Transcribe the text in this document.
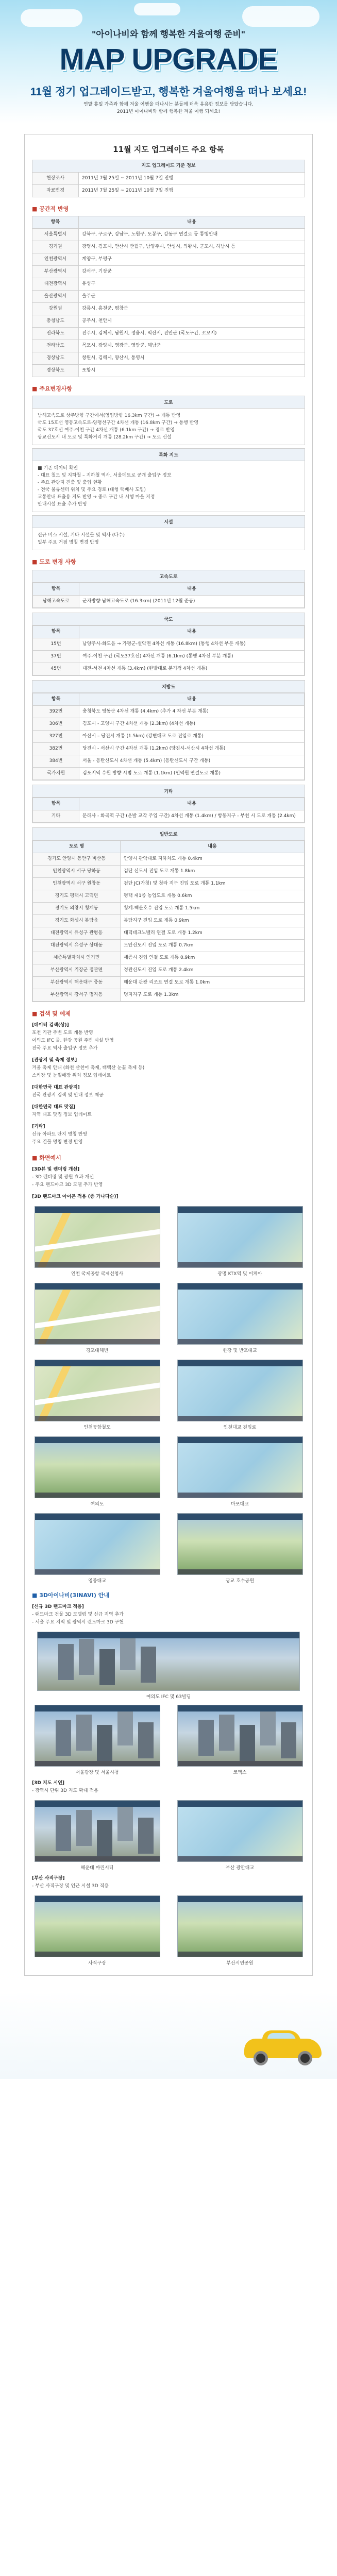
"아이나비와 함께 행복한 겨울여행 준비"
MAP UPGRADE
11월 정기 업그레이드받고, 행복한 겨울여행을 떠나 보세요!
연말 휴일 가족과 함께 겨울 여행을 떠나시는 분들께 더욱 유용한 정보를 담았습니다.
2011년 아이나비와 함께 행복한 겨울 여행 되세요!
11월 지도 업그레이드 주요 항목
지도 업그레이드 기준 정보	
현장조사	2011년 7월 25일 ~ 2011년 10월 7일 진행
자료변경	2011년 7월 25일 ~ 2011년 10월 7일 진행
■ 공간적 반영
항목	내용
서울특별시	강북구, 구로구, 강남구, 노원구, 도봉구, 강동구 연결로 등 통행안내
경기권	광명시, 김포시, 안산시 반월구, 남양주시, 안성시, 의왕시, 군포시, 하남시 등
인천광역시	계양구, 부평구
부산광역시	강서구, 기장군
대전광역시	유성구
울산광역시	울주군
강원권	강릉시, 홍천군, 평창군
충청남도	공주시, 천안시
전라북도	전주시, 김제시, 남원시, 정읍시, 익산시, 진안군 (국도구간, 꼬꼬지)
전라남도	목포시, 광양시, 영광군, 영암군, 해남군
경상남도	창원시, 김해시, 양산시, 통영시
경상북도	포항시
■ 주요변경사항
도로
남해고속도로 상주방향 구간에서(영업방향 16.3km 구간) → 개통 반영
국도 15호선 영동고속도로-양평선구간 4차선 개통 (16.8km 구간) → 통행 반영
국도 37호선 여주-이천 구간 4차선 개통 (6.1km 구간) → 경로 반영
광교신도시 내 도로 및 특화거리 개통 (28.2km 구간) → 도로 신설
특화 지도
■ 기존 데이터 확인
- 대표 철도 및 지하철 – 지하철 역사, 서울메트로 공개 출입구 정보
- 주요 관광지 진출 및 출입 현황
- 전국 물류센터 위치 및 주요 경로 (대형 택배사 도입)
교통안내 표출용 지도 반영 → 종로 구간 내 시행 마을 지정
안내시설 표출 추가 반영
시설
신규 버스 시설, 기타 시설물 및 역사 (다수)
일부 주요 거점 명칭 변경 반영
■ 도로 변경 사항
고속도로
항목	내용
남해고속도로	군자방향 남해고속도로 (16.3km) (2011년 12월 준공)
국도
항목	내용
15번	남양주시-화도읍 → 가평군-설악면 4차선 개통 (16.8km) (통행 4차선 부분 개통)
37번	여주-이천 구간 (국도37호선) 4차선 개통 (6.1km) (통행 4차선 부분 개통)
45번	대전-서천 4차선 개통 (3.4km) (한밭대로 분기점 4차선 개통)
지방도
항목	내용
392번	충청북도 영동군 4차선 개통 (4.4km) (추가 4 차선 부분 개통)
306번	김포시 - 고양시 구간 4차선 개통 (2.3km) (4차선 개통)
327번	아산시 – 당진시 개통 (1.5km) (강변대교 도로 진입로 개통)
382번	당진시 - 서산시 구간 4차선 개통 (1.2km) (당진시-서산시 4차선 개통)
384번	서울 - 동탄신도시 4차선 개통 (5.4km) (동탄신도시 구간 개통)
국가지원	김포지역 수원 방향 시범 도로 개통 (1.1km) (인덕원 연결도로 개통)
기타
항목	내용
기타	문래사 - 화곡역 구간 (운발 교각 주입 구간) 4차선 개통 (1.4km) / 항동지구 - 부천 시 도로 개통 (2.4km)
일반도로
도로 명	내용
경기도 안양시 동안구 비산동	안양시 관악대로 지하차도 개통 0.4km
인천광역시 서구 당하동	검단 신도시 진입 도로 개통 1.8km
인천광역시 서구 원창동	검단 JC(가칭) 및 청라 지구 진입 도로 개통 1.1km
경기도 평택시 고덕면	평택 제1종 농업도로 개통 0.6km
경기도 의왕시 청계동	청계-백운호수 진입 도로 개통 1.5km
경기도 화성시 봉담읍	봉담지구 진입 도로 개통 0.9km
대전광역시 유성구 관평동	대덕테크노밸리 연결 도로 개통 1.2km
대전광역시 유성구 상대동	도안신도시 진입 도로 개통 0.7km
세종특별자치시 연기면	세종시 진입 연결 도로 개통 0.9km
부산광역시 기장군 정관면	정관신도시 진입 도로 개통 2.4km
부산광역시 해운대구 중동	해운대 관광 리조트 연결 도로 개통 1.0km
부산광역시 강서구 명지동	명지지구 도로 개통 1.3km
■ 검색 및 예제
[데이터 검색(상)]
포천 기관 주변 도로 개통 반영
여의도 IFC 몰, 한강 공원 주변 시설 반영
전국 주요 역사 출입구 정보 추가
[관광지 및 축제 정보]
겨울 축제 안내 (화천 산천어 축제, 태백산 눈꽃 축제 등)
스키장 및 눈썰매장 위치 정보 업데이트
[대한민국 대표 관광지]
전국 관광지 검색 및 안내 정보 제공
[대한민국 대표 맛집]
지역 대표 맛집 정보 업데이트
[기타]
신규 아파트 단지 명칭 반영
주요 건물 명칭 변경 반영
■ 화면예시
[3D뷰 및 렌더링 개선]
- 3D 렌더링 및 광원 효과 개선
- 주요 랜드마크 3D 모델 추가 반영
[3D 랜드마크 아이콘 적용 (종 가나다순)]
인천 국제공항 국제선청사	광명 KTX역 및 이케아
경포대해변	한강 및 반포대교
인천공항철도	인천대교 진입로
여의도	마포대교
영종대교	광교 호수공원
■ 3D아이나비(3INAVI) 안내
[신규 3D 랜드마크 적용]
- 랜드마크 건물 3D 모델링 및 신규 지역 추가
- 서울 주요 지역 및 광역시 랜드마크 3D 구현
여의도 IFC 및 63빌딩
서울광장 및 서울시청	코엑스
[3D 지도 시연]
- 광역시 단위 3D 지도 확대 적용
해운대 마린시티	부산 광안대교
[부산 사직구장]
- 부산 사직구장 및 인근 시설 3D 적용
사직구장	부산시민공원
